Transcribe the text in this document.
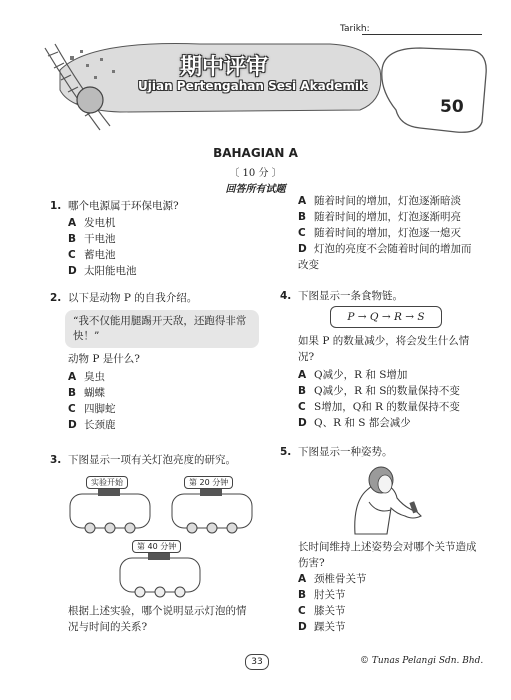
Tarikh:
期中评审
Ujian Pertengahan Sesi Akademik
50
BAHAGIAN A
〔 10 分 〕
回答所有试题
1. 哪个电源属于环保电源?
A 发电机
B 干电池
C 蓄电池
D 太阳能电池
2. 以下是动物 P 的自我介绍。
“我不仅能用腿踢开天敌，还跑得非常快！”
动物 P 是什么?
A 臭虫
B 蝴蝶
C 四脚蛇
D 长颈鹿
3. 下图显示一项有关灯泡亮度的研究。
实验开始	第 20 分钟
第 40 分钟
根据上述实验，哪个说明显示灯泡的情况与时间的关系?
A 随着时间的增加，灯泡逐渐暗淡
B 随着时间的增加，灯泡逐渐明亮
C 随着时间的增加，灯泡逐一熄灭
D 灯泡的亮度不会随着时间的增加而改变
4. 下图显示一条食物链。
P → Q → R → S
如果 P 的数量减少，将会发生什么情况?
A Q减少，R 和 S增加
B Q减少，R 和 S的数量保持不变
C S增加，Q和 R 的数量保持不变
D Q、R 和 S 都会减少
5. 下图显示一种姿势。
长时间维持上述姿势会对哪个关节造成伤害?
A 颈椎骨关节
B 肘关节
C 膝关节
D 踝关节
33	© Tunas Pelangi Sdn. Bhd.
